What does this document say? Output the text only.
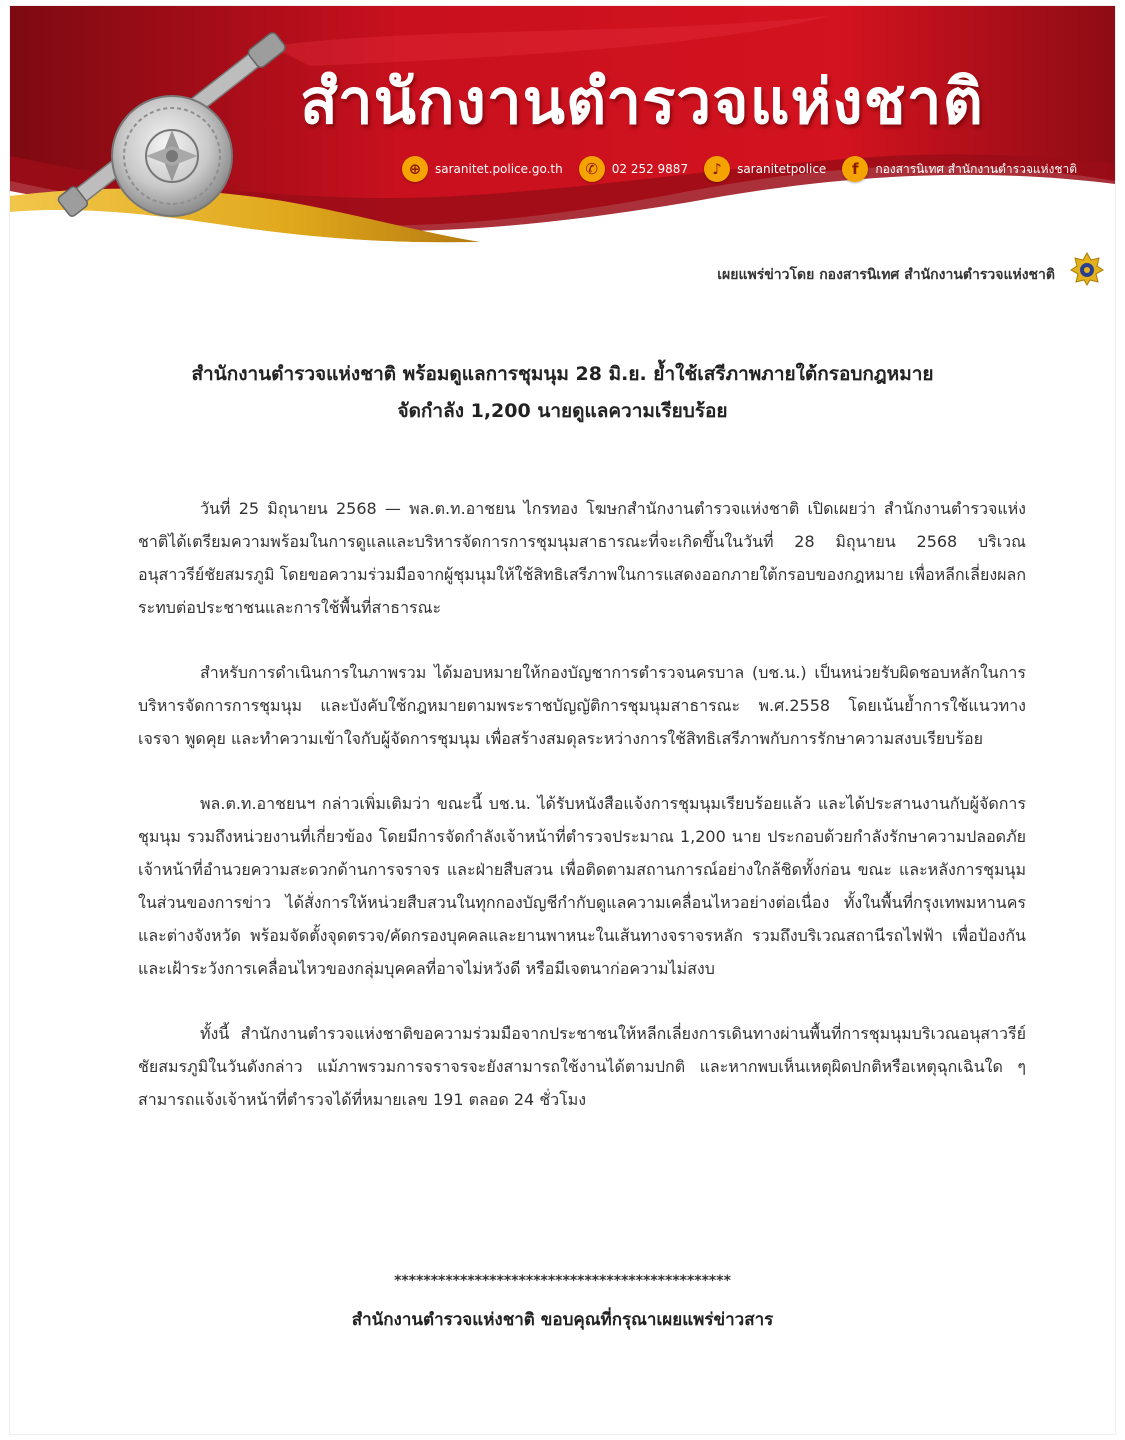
สำนักงานตำรวจแห่งชาติ
⊕	saranitet.police.go.th	✆	02 252 9887	♪	saranitetpolice	f	กองสารนิเทศ สำนักงานตำรวจแห่งชาติ
เผยแพร่ข่าวโดย กองสารนิเทศ สำนักงานตำรวจแห่งชาติ
สำนักงานตำรวจแห่งชาติ พร้อมดูแลการชุมนุม 28 มิ.ย. ย้ำใช้เสรีภาพภายใต้กรอบกฎหมาย
จัดกำลัง 1,200 นายดูแลความเรียบร้อย

วันที่ 25 มิถุนายน 2568 — พล.ต.ท.อาชยน ไกรทอง โฆษกสำนักงานตำรวจแห่งชาติ เปิดเผยว่า สำนักงานตำรวจแห่งชาติได้เตรียมความพร้อมในการดูแลและบริหารจัดการการชุมนุมสาธารณะที่จะเกิดขึ้นในวันที่ 28 มิถุนายน 2568 บริเวณอนุสาวรีย์ชัยสมรภูมิ โดยขอความร่วมมือจากผู้ชุมนุมให้ใช้สิทธิเสรีภาพในการแสดงออกภายใต้กรอบของกฎหมาย เพื่อหลีกเลี่ยงผลกระทบต่อประชาชนและการใช้พื้นที่สาธารณะ

สำหรับการดำเนินการในภาพรวม ได้มอบหมายให้กองบัญชาการตำรวจนครบาล (บช.น.) เป็นหน่วยรับผิดชอบหลักในการบริหารจัดการการชุมนุม และบังคับใช้กฎหมายตามพระราชบัญญัติการชุมนุมสาธารณะ พ.ศ.2558 โดยเน้นย้ำการใช้แนวทางเจรจา พูดคุย และทำความเข้าใจกับผู้จัดการชุมนุม เพื่อสร้างสมดุลระหว่างการใช้สิทธิเสรีภาพกับการรักษาความสงบเรียบร้อย

พล.ต.ท.อาชยนฯ กล่าวเพิ่มเติมว่า ขณะนี้ บช.น. ได้รับหนังสือแจ้งการชุมนุมเรียบร้อยแล้ว และได้ประสานงานกับผู้จัดการชุมนุม รวมถึงหน่วยงานที่เกี่ยวข้อง โดยมีการจัดกำลังเจ้าหน้าที่ตำรวจประมาณ 1,200 นาย ประกอบด้วยกำลังรักษาความปลอดภัย เจ้าหน้าที่อำนวยความสะดวกด้านการจราจร และฝ่ายสืบสวน เพื่อติดตามสถานการณ์อย่างใกล้ชิดทั้งก่อน ขณะ และหลังการชุมนุม ในส่วนของการข่าว ได้สั่งการให้หน่วยสืบสวนในทุกกองบัญชีกำกับดูแลความเคลื่อนไหวอย่างต่อเนื่อง ทั้งในพื้นที่กรุงเทพมหานครและต่างจังหวัด พร้อมจัดตั้งจุดตรวจ/คัดกรองบุคคลและยานพาหนะในเส้นทางจราจรหลัก รวมถึงบริเวณสถานีรถไฟฟ้า เพื่อป้องกันและเฝ้าระวังการเคลื่อนไหวของกลุ่มบุคคลที่อาจไม่หวังดี หรือมีเจตนาก่อความไม่สงบ

ทั้งนี้ สำนักงานตำรวจแห่งชาติขอความร่วมมือจากประชาชนให้หลีกเลี่ยงการเดินทางผ่านพื้นที่การชุมนุมบริเวณอนุสาวรีย์ชัยสมรภูมิในวันดังกล่าว แม้ภาพรวมการจราจรจะยังสามารถใช้งานได้ตามปกติ และหากพบเห็นเหตุผิดปกติหรือเหตุฉุกเฉินใด ๆ สามารถแจ้งเจ้าหน้าที่ตำรวจได้ที่หมายเลข 191 ตลอด 24 ชั่วโมง

**********************************************
สำนักงานตำรวจแห่งชาติ ขอบคุณที่กรุณาเผยแพร่ข่าวสาร
